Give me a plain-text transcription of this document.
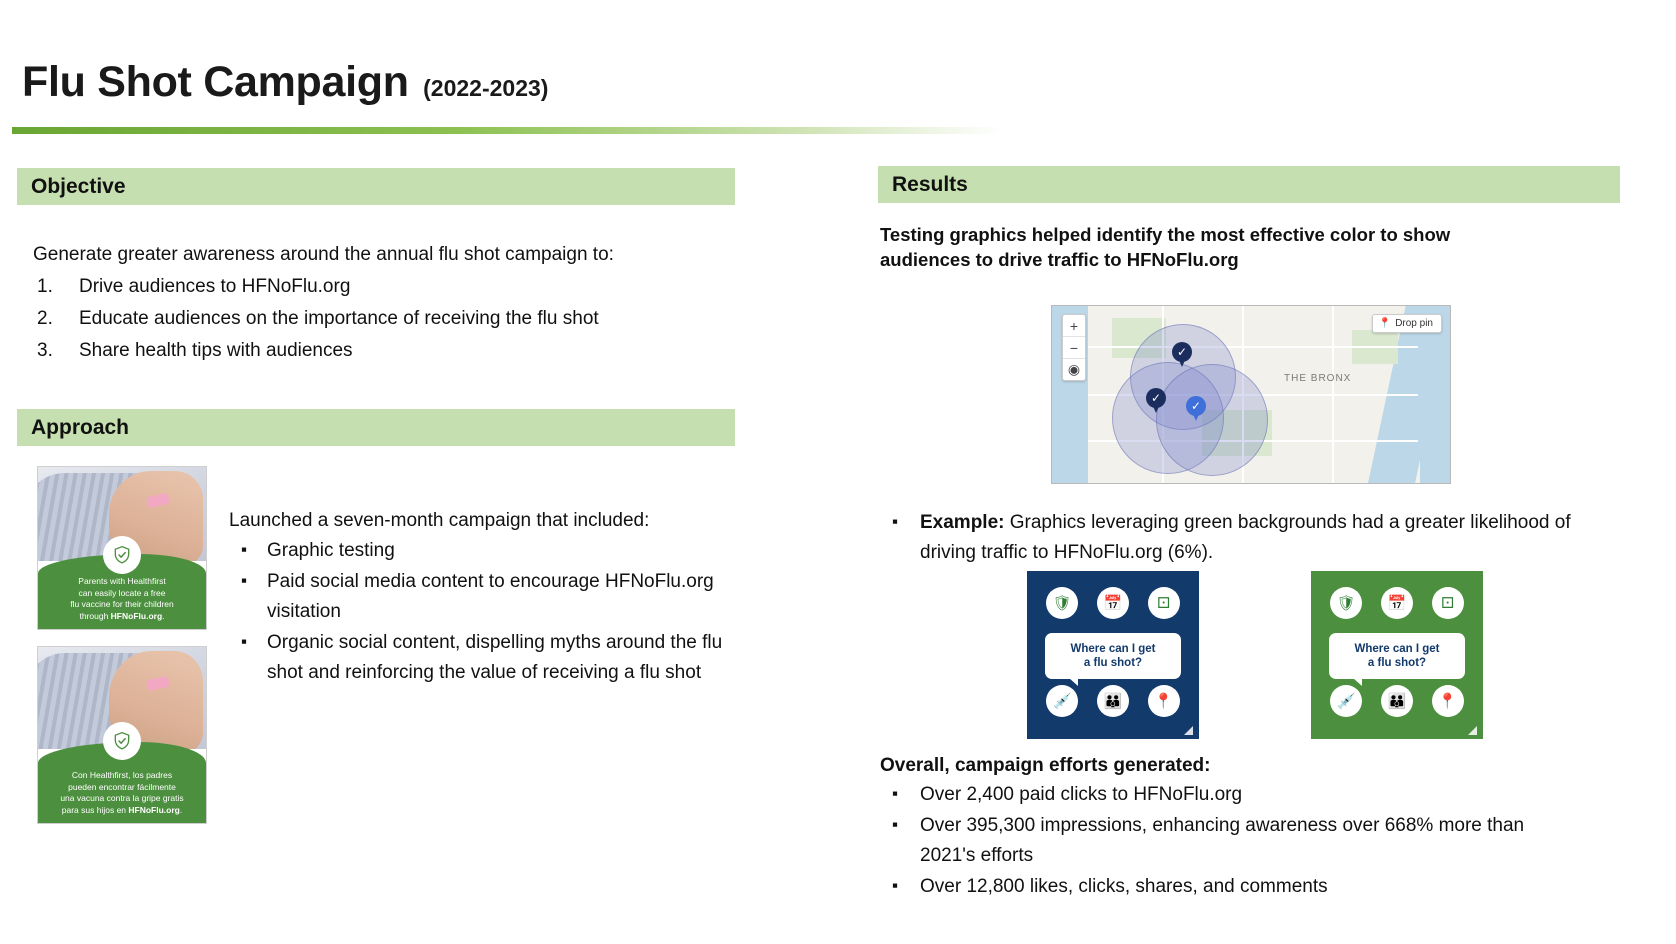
Flu Shot Campaign (2022-2023)
Objective
Generate greater awareness around the annual flu shot campaign to:
Drive audiences to HFNoFlu.org
Educate audiences on the importance of receiving the flu shot
Share health tips with audiences
Approach
Parents with Healthfirst
can easily locate a free
flu vaccine for their children
through HFNoFlu.org.
Con Healthfirst, los padres
pueden encontrar fácilmente
una vacuna contra la gripe gratis
para sus hijos en HFNoFlu.org.
Launched a seven-month campaign that included:
▪ Graphic testing
▪ Paid social media content to encourage HFNoFlu.org visitation
▪ Organic social content, dispelling myths around the flu shot and reinforcing the value of receiving a flu shot
Results
Testing graphics helped identify the most effective color to show
audiences to drive traffic to HFNoFlu.org
✓
✓
✓
THE BRONX
+
−
◉
📍 Drop pin
▪ Example: Graphics leveraging green backgrounds had a greater likelihood of driving traffic to HFNoFlu.org (6%).
🛡	📅	⚀
Where can I get
a flu shot?
💉	👪	📍
🛡	📅	⚀
Where can I get
a flu shot?
💉	👪	📍
Overall, campaign efforts generated:
▪ Over 2,400 paid clicks to HFNoFlu.org
▪ Over 395,300 impressions, enhancing awareness over 668% more than 2021's efforts
▪ Over 12,800 likes, clicks, shares, and comments
